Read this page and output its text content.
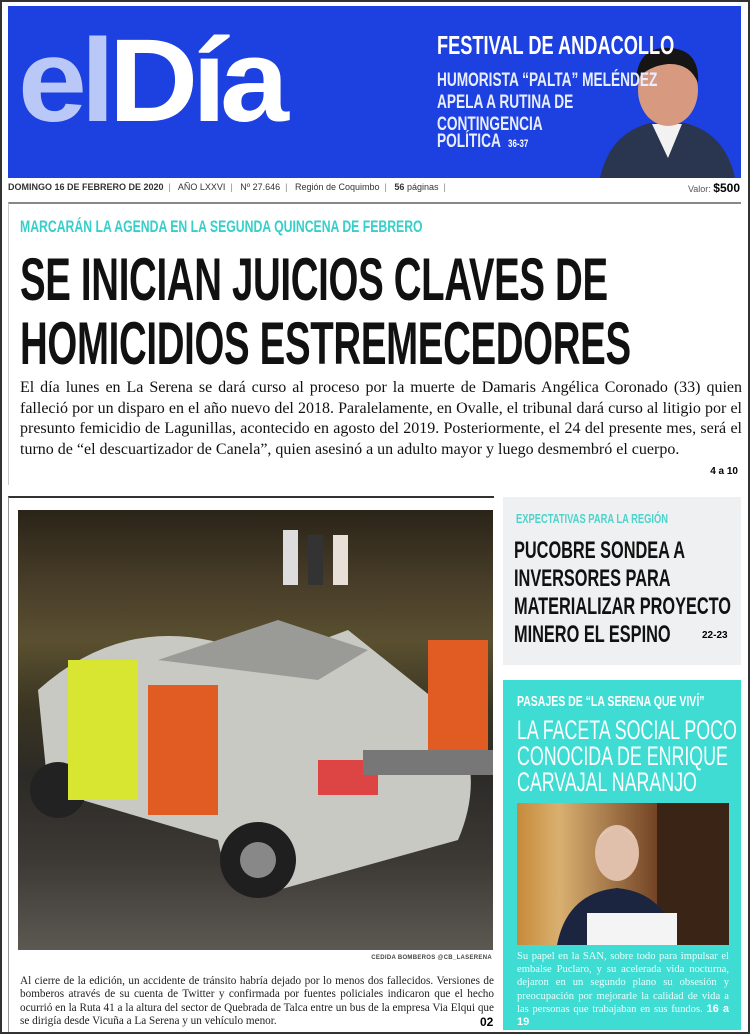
elDía	FESTIVAL DE ANDACOLLO
HUMORISTA “PALTA” MELÉNDEZ
APELA A RUTINA DE
CONTINGENCIA
POLÍTICA 36-37
DOMINGO 16 DE FEBRERO DE 2020 | AÑO LXXVI | Nº 27.646 | Región de Coquimbo | 56 páginas |	Valor: $500
MARCARÁN LA AGENDA EN LA SEGUNDA QUINCENA DE FEBRERO
SE INICIAN JUICIOS CLAVES DE
HOMICIDIOS ESTREMECEDORES
El día lunes en La Serena se dará curso al proceso por la muerte de Damaris Angélica Coronado (33) quien falleció por un disparo en el año nuevo del 2018. Paralelamente, en Ovalle, el tribunal dará curso al litigio por el presunto femicidio de Lagunillas, acontecido en agosto del 2019. Posteriormente, el 24 del presente mes, será el turno de “el descuartizador de Canela”, quien asesinó a un adulto mayor y luego desmembró el cuerpo.
4 a 10
CEDIDA BOMBEROS @CB_LASERENA
Al cierre de la edición, un accidente de tránsito habría dejado por lo menos dos fallecidos. Versiones de bomberos através de su cuenta de Twitter y confirmada por fuentes policiales indicaron que el hecho ocurrió en la Ruta 41 a la altura del sector de Quebrada de Talca entre un bus de la empresa Via Elqui que se dirigía desde Vicuña a La Serena y un vehículo menor.	02
EXPECTATIVAS PARA LA REGIÓN
PUCOBRE SONDEA A
INVERSORES PARA
MATERIALIZAR PROYECTO
MINERO EL ESPINO	22-23
PASAJES DE “LA SERENA QUE VIVÍ”
LA FACETA SOCIAL POCO
CONOCIDA DE ENRIQUE
CARVAJAL NARANJO
Su papel en la SAN, sobre todo para impulsar el embalse Puclaro, y su acelerada vida nocturna, dejaron en un segundo plano su obsesión y preocupación por mejorarle la calidad de vida a las personas que trabajaban en sus fundos. 16 a 19
